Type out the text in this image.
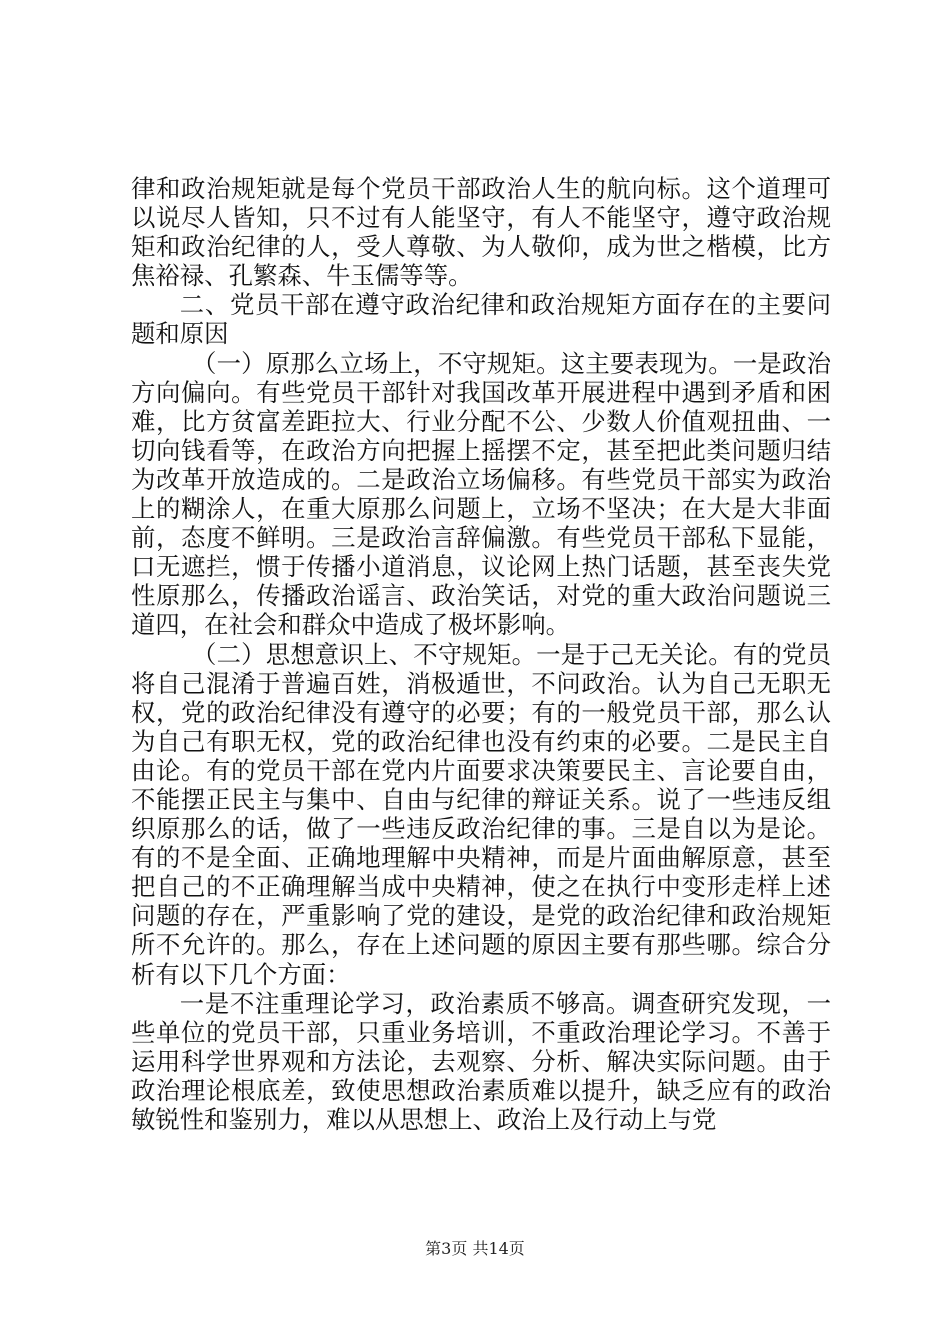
律和政治规矩就是每个党员干部政治人生的航向标。这个道理可以说尽人皆知，只不过有人能坚守，有人不能坚守，遵守政治规矩和政治纪律的人，受人尊敬、为人敬仰，成为世之楷模，比方焦裕禄、孔繁森、牛玉儒等等。

二、党员干部在遵守政治纪律和政治规矩方面存在的主要问题和原因

（一）原那么立场上，不守规矩。这主要表现为。一是政治方向偏向。有些党员干部针对我国改革开展进程中遇到矛盾和困难，比方贫富差距拉大、行业分配不公、少数人价值观扭曲、一切向钱看等，在政治方向把握上摇摆不定，甚至把此类问题归结为改革开放造成的。二是政治立场偏移。有些党员干部实为政治上的糊涂人，在重大原那么问题上，立场不坚决；在大是大非面前，态度不鲜明。三是政治言辞偏激。有些党员干部私下显能，口无遮拦，惯于传播小道消息，议论网上热门话题，甚至丧失党性原那么，传播政治谣言、政治笑话，对党的重大政治问题说三道四，在社会和群众中造成了极坏影响。

（二）思想意识上、不守规矩。一是于己无关论。有的党员将自己混淆于普遍百姓，消极遁世，不问政治。认为自己无职无权，党的政治纪律没有遵守的必要；有的一般党员干部，那么认为自己有职无权，党的政治纪律也没有约束的必要。二是民主自由论。有的党员干部在党内片面要求决策要民主、言论要自由，不能摆正民主与集中、自由与纪律的辩证关系。说了一些违反组织原那么的话，做了一些违反政治纪律的事。三是自以为是论。有的不是全面、正确地理解中央精神，而是片面曲解原意，甚至把自己的不正确理解当成中央精神，使之在执行中变形走样上述问题的存在，严重影响了党的建设，是党的政治纪律和政治规矩所不允许的。那么，存在上述问题的原因主要有那些哪。综合分析有以下几个方面：

一是不注重理论学习，政治素质不够高。调查研究发现，一些单位的党员干部，只重业务培训，不重政治理论学习。不善于运用科学世界观和方法论，去观察、分析、解决实际问题。由于政治理论根底差，致使思想政治素质难以提升，缺乏应有的政治敏锐性和鉴别力，难以从思想上、政治上及行动上与党

第3页 共14页
